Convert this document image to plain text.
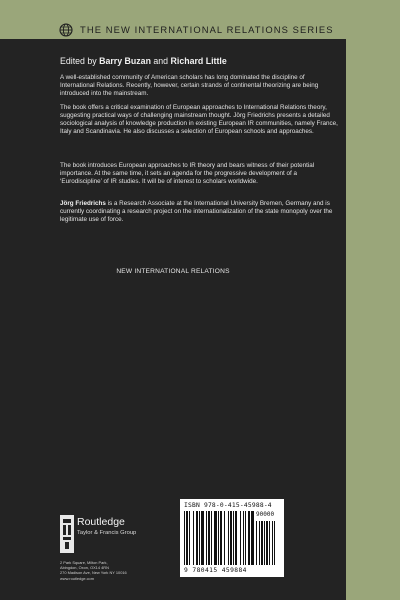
THE NEW INTERNATIONAL RELATIONS SERIES
Edited by Barry Buzan and Richard Little

A well-established community of American scholars has long dominated the discipline of International Relations. Recently, however, certain strands of continental theorizing are being introduced into the mainstream.

The book offers a critical examination of European approaches to International Relations theory, suggesting practical ways of challenging mainstream thought. Jörg Friedrichs presents a detailed sociological analysis of knowledge production in existing European IR communities, namely France, Italy and Scandinavia. He also discusses a selection of European schools and approaches.

The book introduces European approaches to IR theory and bears witness of their potential importance. At the same time, it sets an agenda for the progressive development of a ‘Eurodiscipline’ of IR studies. It will be of interest to scholars worldwide.

Jörg Friedrichs is a Research Associate at the International University Bremen, Germany and is currently coordinating a research project on the internationalization of the state monopoly over the legitimate use of force.

NEW INTERNATIONAL RELATIONS
Routledge
Taylor & Francis Group
2 Park Square, Milton Park,
Abingdon, Oxon, OX14 4RN
270 Madison Ave, New York NY 10016
www.routledge.com
ISBN 978-0-415-45988-4
90000
9 780415 459884
